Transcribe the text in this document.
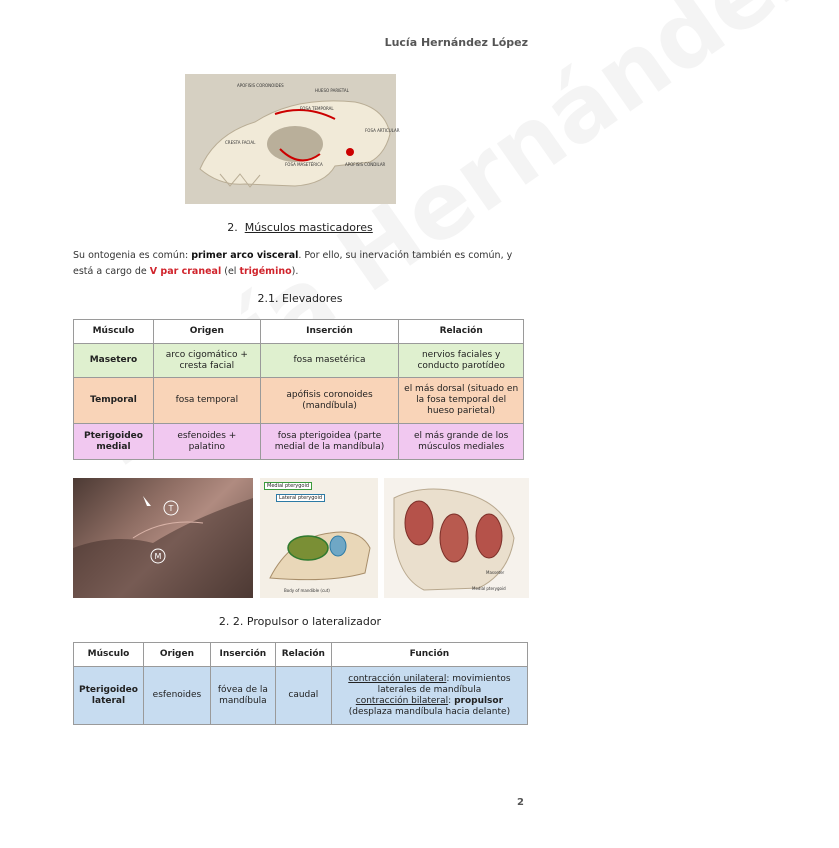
Lucía Hernández López
APOFISIS CORONOIDES
HUESO PARIETAL
FOSA TEMPORAL
CRESTA FACIAL
FOSA ARTICULAR
FOSA MASETÉRICA	APOFISIS CONDILAR
2. Músculos masticadores
Su ontogenia es común: primer arco visceral. Por ello, su inervación también es común, y está a cargo de V par craneal (el trigémino).
2.1. Elevadores
Músculo	Origen	Inserción	Relación
Masetero	arco cigomático + cresta facial	fosa masetérica	nervios faciales y conducto parotídeo
Temporal	fosa temporal	apófisis coronoides (mandíbula)	el más dorsal (situado en la fosa temporal del hueso parietal)
Pterigoideo medial	esfenoides + palatino	fosa pterigoidea (parte medial de la mandíbula)	el más grande de los músculos mediales
T
M
Medial pterygoid
Lateral pterygoid
Body of mandible (cut)
Masseter
Medial pterygoid
2. 2. Propulsor o lateralizador
Músculo	Origen	Inserción	Relación	Función
Pterigoideo lateral	esfenoides	fóvea de la mandíbula	caudal	contracción unilateral: movimientos laterales de mandíbula
contracción bilateral: propulsor (desplaza mandíbula hacia delante)
2
